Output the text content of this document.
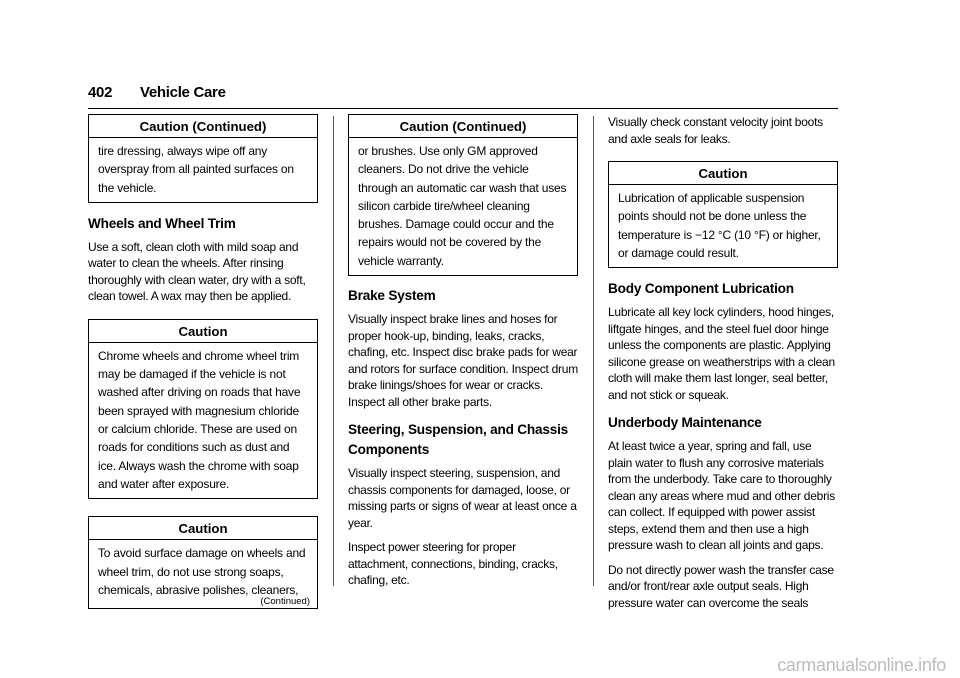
402 Vehicle Care
Caution (Continued)
tire dressing, always wipe off any overspray from all painted surfaces on the vehicle.
Wheels and Wheel Trim

Use a soft, clean cloth with mild soap and water to clean the wheels. After rinsing thoroughly with clean water, dry with a soft, clean towel. A wax may then be applied.

Caution
Chrome wheels and chrome wheel trim may be damaged if the vehicle is not washed after driving on roads that have been sprayed with magnesium chloride or calcium chloride. These are used on roads for conditions such as dust and ice. Always wash the chrome with soap and water after exposure.
Caution
To avoid surface damage on wheels and wheel trim, do not use strong soaps, chemicals, abrasive polishes, cleaners,
(Continued)
Caution (Continued)
or brushes. Use only GM approved cleaners. Do not drive the vehicle through an automatic car wash that uses silicon carbide tire/wheel cleaning brushes. Damage could occur and the repairs would not be covered by the vehicle warranty.
Brake System

Visually inspect brake lines and hoses for proper hook-up, binding, leaks, cracks, chafing, etc. Inspect disc brake pads for wear and rotors for surface condition. Inspect drum brake linings/shoes for wear or cracks. Inspect all other brake parts.

Steering, Suspension, and Chassis Components

Visually inspect steering, suspension, and chassis components for damaged, loose, or missing parts or signs of wear at least once a year.

Inspect power steering for proper attachment, connections, binding, cracks, chafing, etc.

Visually check constant velocity joint boots and axle seals for leaks.

Caution
Lubrication of applicable suspension points should not be done unless the temperature is −12 °C (10 °F) or higher, or damage could result.
Body Component Lubrication

Lubricate all key lock cylinders, hood hinges, liftgate hinges, and the steel fuel door hinge unless the components are plastic. Applying silicone grease on weatherstrips with a clean cloth will make them last longer, seal better, and not stick or squeak.

Underbody Maintenance

At least twice a year, spring and fall, use plain water to flush any corrosive materials from the underbody. Take care to thoroughly clean any areas where mud and other debris can collect. If equipped with power assist steps, extend them and then use a high pressure wash to clean all joints and gaps.

Do not directly power wash the transfer case and/or front/rear axle output seals. High pressure water can overcome the seals

carmanualsonline.info
